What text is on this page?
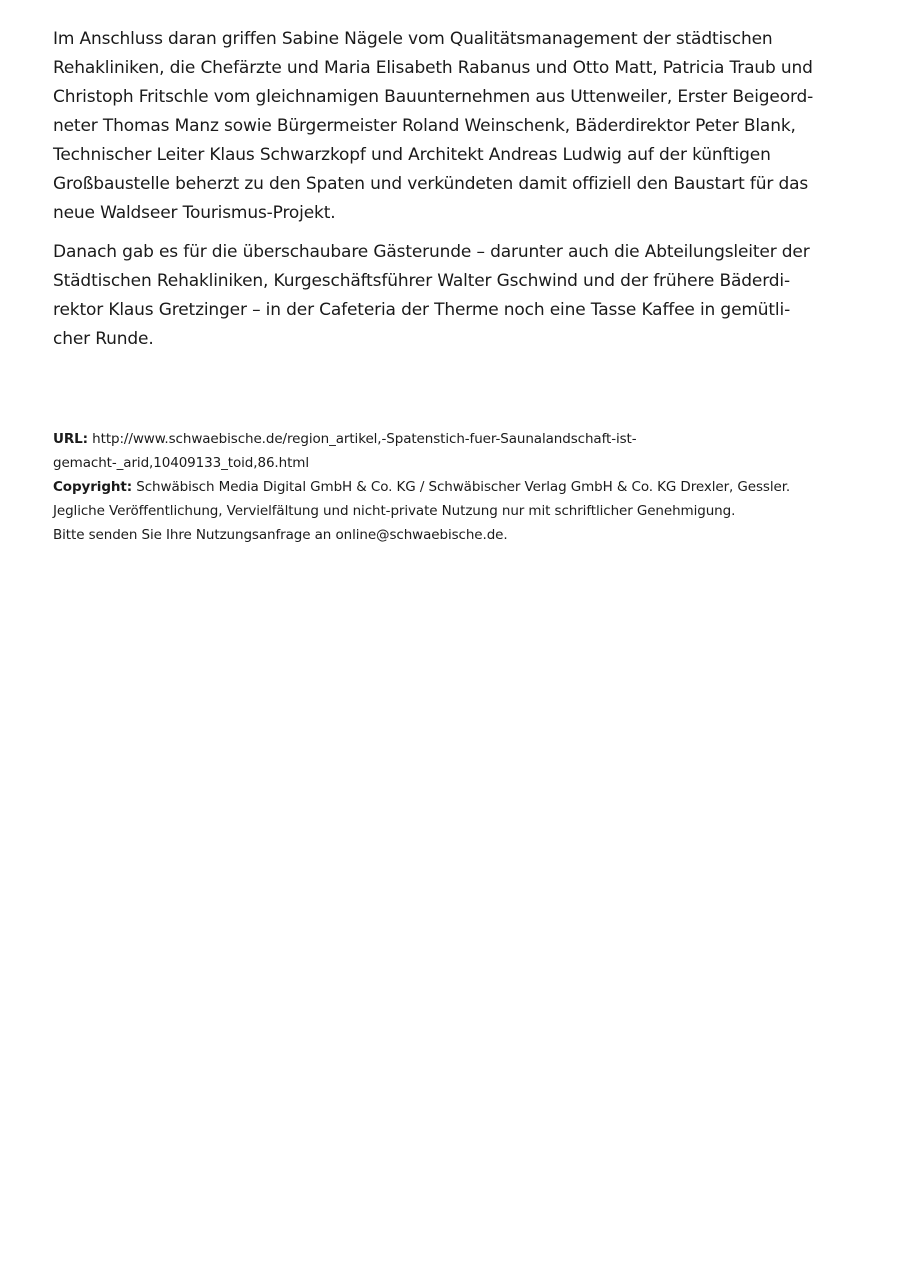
Im Anschluss daran griffen Sabine Nägele vom Qualitätsmanagement der städtischen
Rehakliniken, die Chefärzte und Maria Elisabeth Rabanus und Otto Matt, Patricia Traub und
Christoph Fritschle vom gleichnamigen Bauunternehmen aus Uttenweiler, Erster Beigeord-
neter Thomas Manz sowie Bürgermeister Roland Weinschenk, Bäderdirektor Peter Blank,
Technischer Leiter Klaus Schwarzkopf und Architekt Andreas Ludwig auf der künftigen
Großbaustelle beherzt zu den Spaten und verkündeten damit offiziell den Baustart für das
neue Waldseer Tourismus-Projekt.

Danach gab es für die überschaubare Gästerunde – darunter auch die Abteilungsleiter der
Städtischen Rehakliniken, Kurgeschäftsführer Walter Gschwind und der frühere Bäderdi-
rektor Klaus Gretzinger – in der Cafeteria der Therme noch eine Tasse Kaffee in gemütli-
cher Runde.

URL: http://www.schwaebische.de/region_artikel,-Spatenstich-fuer-Saunalandschaft-ist-
gemacht-_arid,10409133_toid,86.html
Copyright: Schwäbisch Media Digital GmbH & Co. KG / Schwäbischer Verlag GmbH & Co. KG Drexler, Gessler.
Jegliche Veröffentlichung, Vervielfältung und nicht-private Nutzung nur mit schriftlicher Genehmigung.
Bitte senden Sie Ihre Nutzungsanfrage an online@schwaebische.de.
